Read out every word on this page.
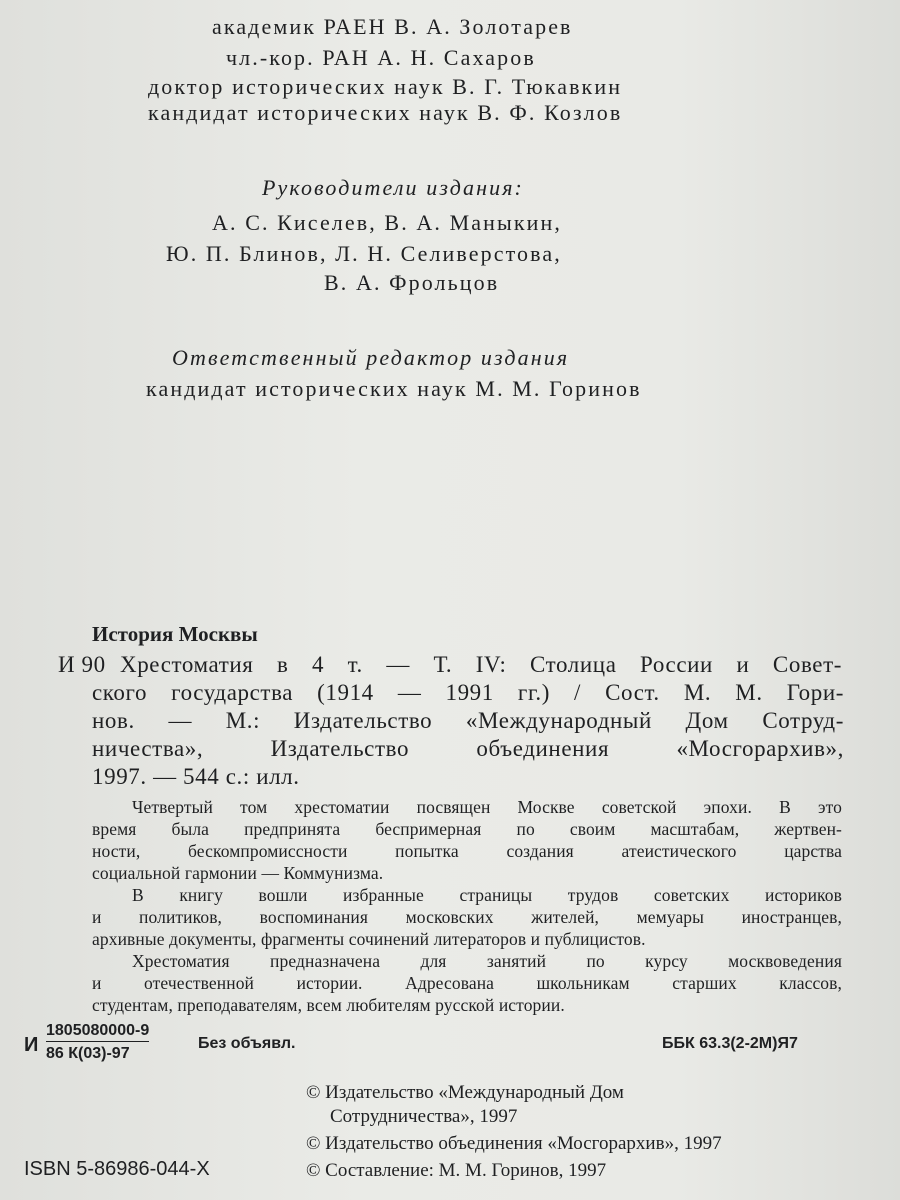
академик РАЕН В. А. Золотарев
чл.-кор. РАН А. Н. Сахаров
доктор исторических наук В. Г. Тюкавкин
кандидат исторических наук В. Ф. Козлов
Руководители издания:
А. С. Киселев, В. А. Маныкин,
Ю. П. Блинов, Л. Н. Селиверстова,
В. А. Фрольцов
Ответственный редактор издания
кандидат исторических наук М. М. Горинов
История Москвы
И 90 Хрестоматия в 4 т. — Т. IV: Столица России и Совет-
ского государства (1914 — 1991 гг.) / Сост. М. М. Гори-
нов. — М.: Издательство «Международный Дом Сотруд-
ничества», Издательство объединения «Мосгорархив»,
1997. — 544 с.: илл.
Четвертый том хрестоматии посвящен Москве советской эпохи. В это
время была предпринята беспримерная по своим масштабам, жертвен-
ности, бескомпромиссности попытка создания атеистического царства
социальной гармонии — Коммунизма.
В книгу вошли избранные страницы трудов советских историков
и политиков, воспоминания московских жителей, мемуары иностранцев,
архивные документы, фрагменты сочинений литераторов и публицистов.
Хрестоматия предназначена для занятий по курсу москвоведения
и отечественной истории. Адресована школьникам старших классов,
студентам, преподавателям, всем любителям русской истории.
И
1805080000-9
86 К(03)-97
Без объявл.	ББК 63.3(2-2М)Я7
© Издательство «Международный Дом
Сотрудничества», 1997
© Издательство объединения «Мосгорархив», 1997
© Составление: М. М. Горинов, 1997
ISBN 5-86986-044-X
